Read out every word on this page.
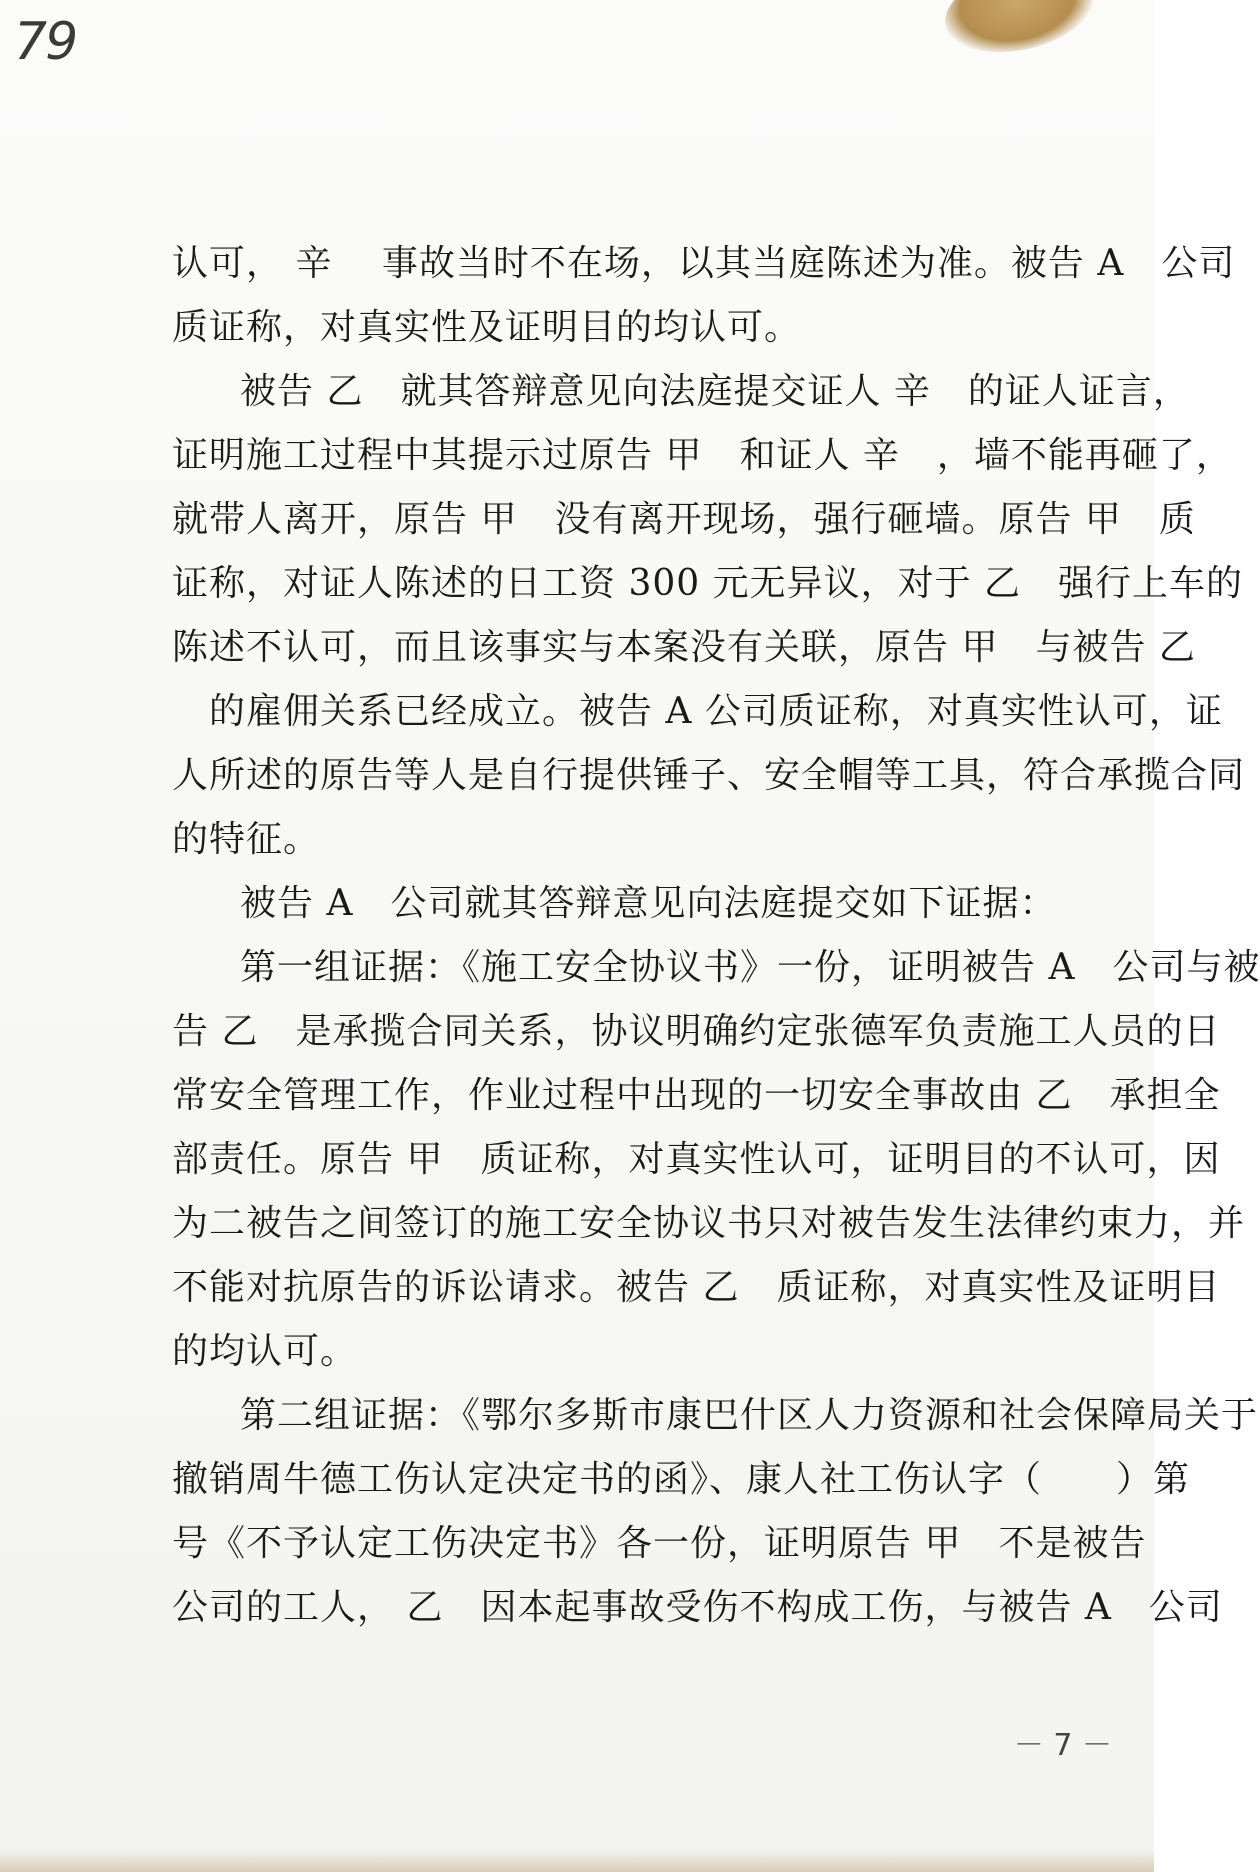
79
认可， 辛　 事故当时不在场，以其当庭陈述为准。被告 A　公司
质证称，对真实性及证明目的均认可。
被告 乙　就其答辩意见向法庭提交证人 辛　的证人证言，
证明施工过程中其提示过原告 甲　和证人 辛　，墙不能再砸了，
就带人离开，原告 甲　没有离开现场，强行砸墙。原告 甲　质
证称，对证人陈述的日工资 300 元无异议，对于 乙　强行上车的
陈述不认可，而且该事实与本案没有关联，原告 甲　与被告 乙
　的雇佣关系已经成立。被告 A 公司质证称，对真实性认可，证
人所述的原告等人是自行提供锤子、安全帽等工具，符合承揽合同
的特征。
被告 A　公司就其答辩意见向法庭提交如下证据：
第一组证据：《施工安全协议书》一份，证明被告 A　公司与被
告 乙　是承揽合同关系，协议明确约定张德军负责施工人员的日
常安全管理工作，作业过程中出现的一切安全事故由 乙　承担全
部责任。原告 甲　质证称，对真实性认可，证明目的不认可，因
为二被告之间签订的施工安全协议书只对被告发生法律约束力，并
不能对抗原告的诉讼请求。被告 乙　质证称，对真实性及证明目
的均认可。
第二组证据：《鄂尔多斯市康巴什区人力资源和社会保障局关于
撤销周牛德工伤认定决定书的函》、康人社工伤认字（　　）第
号《不予认定工伤决定书》各一份，证明原告 甲　不是被告
公司的工人， 乙　因本起事故受伤不构成工伤，与被告 A　公司
－ 7 －
